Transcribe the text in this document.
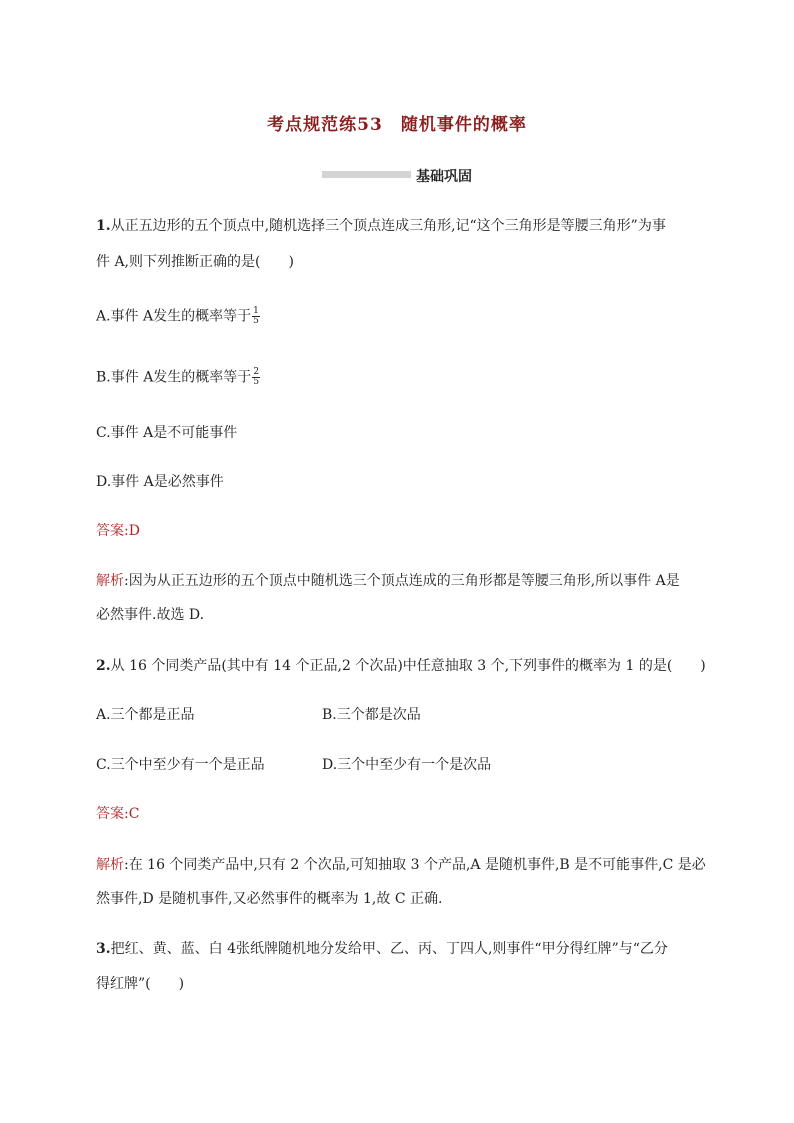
考点规范练53 随机事件的概率
基础巩固
1.从正五边形的五个顶点中,随机选择三个顶点连成三角形,记“这个三角形是等腰三角形”为事
件 A,则下列推断正确的是(　　)
A.事件 A发生的概率等于 $\frac{1}{5}$
B.事件 A发生的概率等于 $\frac{2}{5}$
C.事件 A是不可能事件
D.事件 A是必然事件
答案:D
解析:因为从正五边形的五个顶点中随机选三个顶点连成的三角形都是等腰三角形,所以事件 A是
必然事件.故选 D.
2.从 16 个同类产品(其中有 14 个正品,2 个次品)中任意抽取 3 个,下列事件的概率为 1 的是(　　)
A.三个都是正品	B.三个都是次品
C.三个中至少有一个是正品	D.三个中至少有一个是次品
答案:C
解析:在 16 个同类产品中,只有 2 个次品,可知抽取 3 个产品,A 是随机事件,B 是不可能事件,C 是必
然事件,D 是随机事件,又必然事件的概率为 1,故 C 正确.
3.把红、黄、蓝、白 4张纸牌随机地分发给甲、乙、丙、丁四人,则事件“甲分得红牌”与“乙分
得红牌”(　　)
